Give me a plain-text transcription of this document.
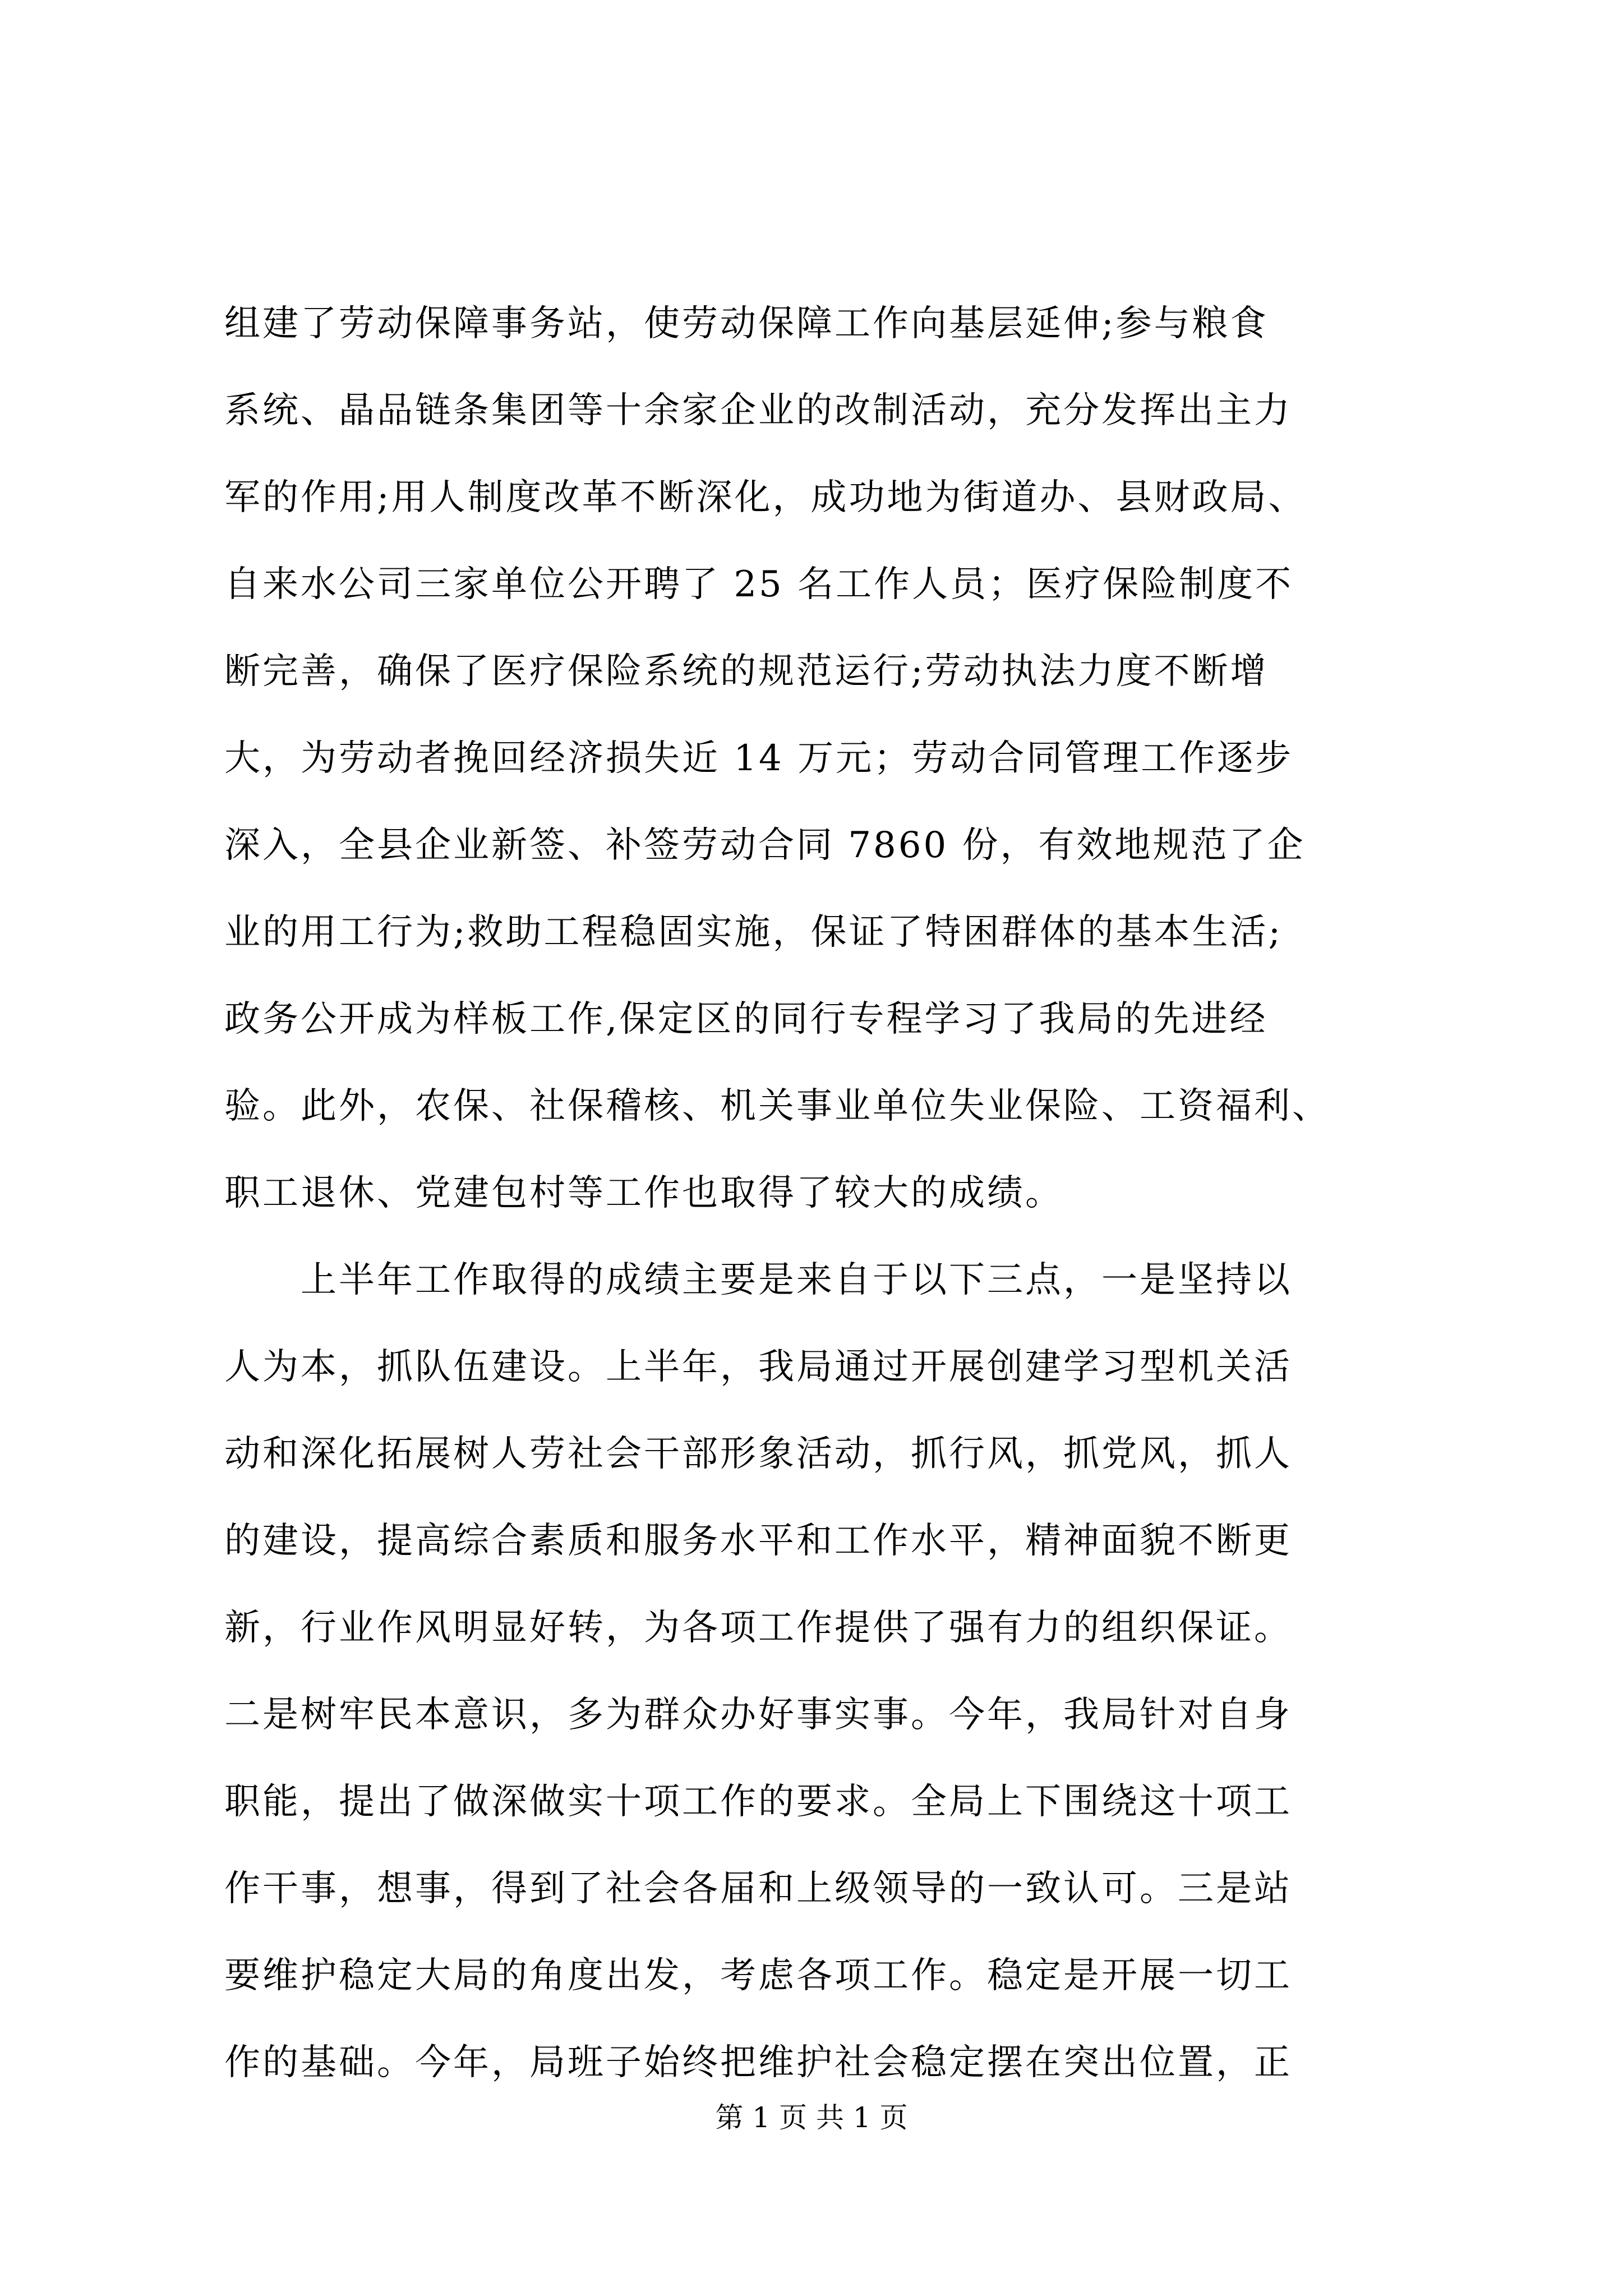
组建了劳动保障事务站，使劳动保障工作向基层延伸;参与粮食
系统、晶品链条集团等十余家企业的改制活动，充分发挥出主力
军的作用;用人制度改革不断深化，成功地为街道办、县财政局、
自来水公司三家单位公开聘了 25 名工作人员；医疗保险制度不
断完善，确保了医疗保险系统的规范运行;劳动执法力度不断增
大，为劳动者挽回经济损失近 14 万元；劳动合同管理工作逐步
深入，全县企业新签、补签劳动合同 7860 份，有效地规范了企
业的用工行为;救助工程稳固实施，保证了特困群体的基本生活;
政务公开成为样板工作,保定区的同行专程学习了我局的先进经
验。此外，农保、社保稽核、机关事业单位失业保险、工资福利、
职工退休、党建包村等工作也取得了较大的成绩。
　　上半年工作取得的成绩主要是来自于以下三点，一是坚持以
人为本，抓队伍建设。上半年，我局通过开展创建学习型机关活
动和深化拓展树人劳社会干部形象活动，抓行风，抓党风，抓人
的建设，提高综合素质和服务水平和工作水平，精神面貌不断更
新，行业作风明显好转，为各项工作提供了强有力的组织保证。
二是树牢民本意识，多为群众办好事实事。今年，我局针对自身
职能，提出了做深做实十项工作的要求。全局上下围绕这十项工
作干事，想事，得到了社会各届和上级领导的一致认可。三是站
要维护稳定大局的角度出发，考虑各项工作。稳定是开展一切工
作的基础。今年，局班子始终把维护社会稳定摆在突出位置，正
第 1 页 共 1 页
